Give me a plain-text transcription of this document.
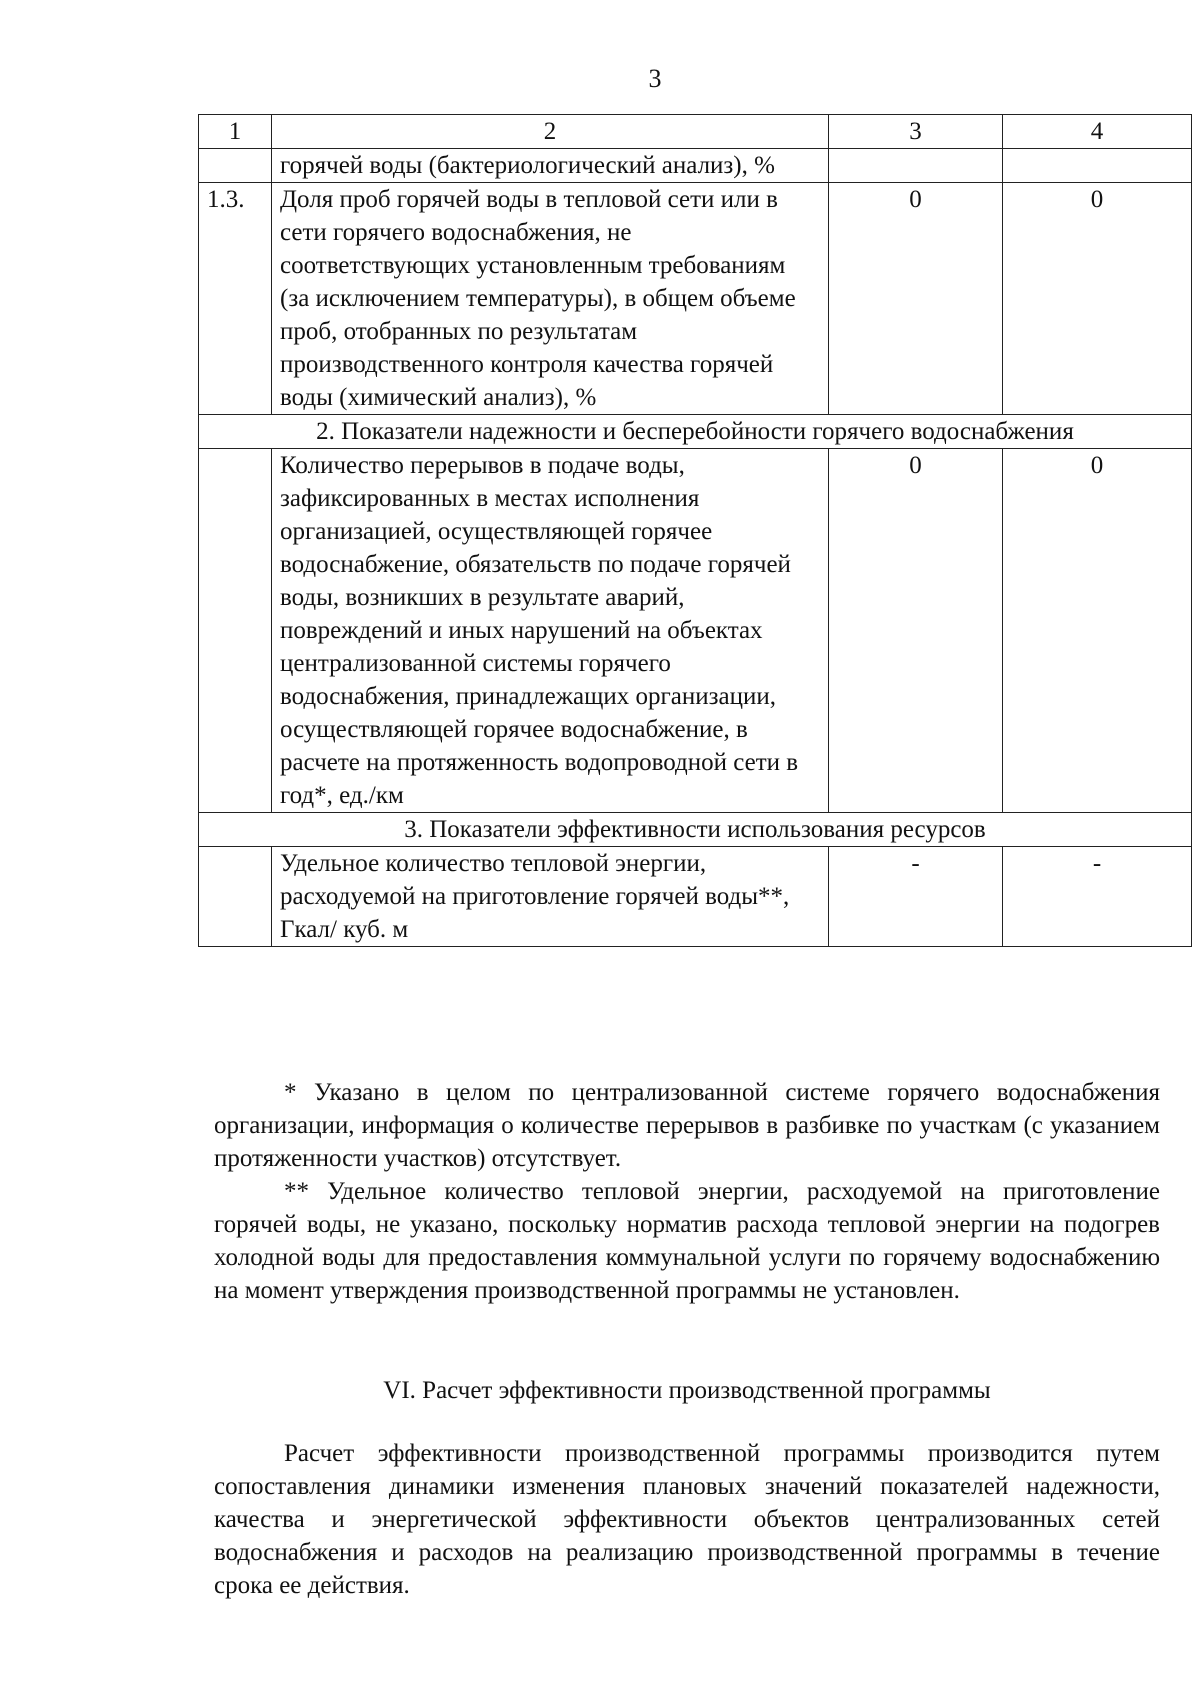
3
1	2	3	4
	горячей воды (бактериологический анализ), %		
1.3.	Доля проб горячей воды в тепловой сети или в сети горячего водоснабжения, не соответствующих установленным требованиям (за исключением температуры), в общем объеме проб, отобранных по результатам производственного контроля качества горячей воды (химический анализ), %	0	0
2. Показатели надежности и бесперебойности горячего водоснабжения			
	Количество перерывов в подаче воды, зафиксированных в местах исполнения организацией, осуществляющей горячее водоснабжение, обязательств по подаче горячей воды, возникших в результате аварий, повреждений и иных нарушений на объектах централизованной системы горячего водоснабжения, принадлежащих организации, осуществляющей горячее водоснабжение, в расчете на протяженность водопроводной сети в год*, ед./км	0	0
3. Показатели эффективности использования ресурсов			
	Удельное количество тепловой энергии, расходуемой на приготовление горячей воды**, Гкал/ куб. м	-	-

* Указано в целом по централизованной системе горячего водоснабжения организации, информация о количестве перерывов в разбивке по участкам (с указанием протяженности участков) отсутствует.

** Удельное количество тепловой энергии, расходуемой на приготовление горячей воды, не указано, поскольку норматив расхода тепловой энергии на подогрев холодной воды для предоставления коммунальной услуги по горячему водоснабжению на момент утверждения производственной программы не установлен.

VI. Расчет эффективности производственной программы

Расчет эффективности производственной программы производится путем сопоставления динамики изменения плановых значений показателей надежности, качества и энергетической эффективности объектов централизованных сетей водоснабжения и расходов на реализацию производственной программы в течение срока ее действия.
